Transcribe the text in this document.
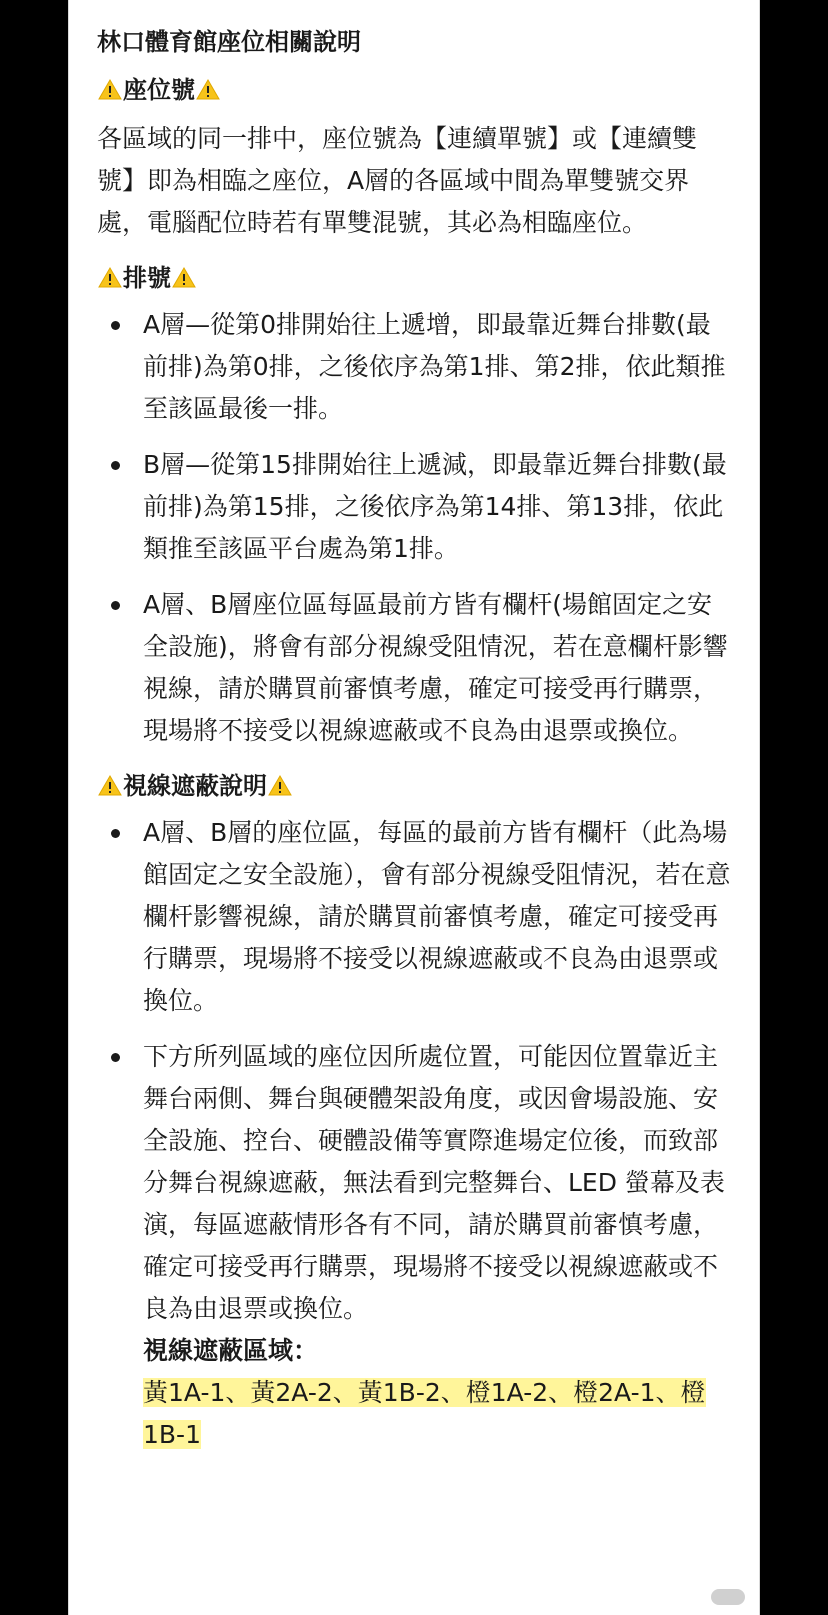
林口體育館座位相關說明
座位號

各區域的同一排中，座位號為【連續單號】或【連續雙號】即為相臨之座位，A層的各區域中間為單雙號交界處，電腦配位時若有單雙混號，其必為相臨座位。

排號
A層—從第0排開始往上遞增，即最靠近舞台排數(最前排)為第0排，之後依序為第1排、第2排，依此類推至該區最後一排。
B層—從第15排開始往上遞減，即最靠近舞台排數(最前排)為第15排，之後依序為第14排、第13排，依此類推至該區平台處為第1排。
A層、B層座位區每區最前方皆有欄杆(場館固定之安全設施)，將會有部分視線受阻情況，若在意欄杆影響視線，請於購買前審慎考慮，確定可接受再行購票，現場將不接受以視線遮蔽或不良為由退票或換位。
視線遮蔽說明
A層、B層的座位區，每區的最前方皆有欄杆（此為場館固定之安全設施），會有部分視線受阻情況，若在意欄杆影響視線，請於購買前審慎考慮，確定可接受再行購票，現場將不接受以視線遮蔽或不良為由退票或換位。
下方所列區域的座位因所處位置，可能因位置靠近主舞台兩側、舞台與硬體架設角度，或因會場設施、安全設施、控台、硬體設備等實際進場定位後，而致部分舞台視線遮蔽，無法看到完整舞台、LED 螢幕及表演，每區遮蔽情形各有不同，請於購買前審慎考慮，確定可接受再行購票，現場將不接受以視線遮蔽或不良為由退票或換位。
視線遮蔽區域：
黃1A-1、黃2A-2、黃1B-2、橙1A-2、橙2A-1、橙1B-1
